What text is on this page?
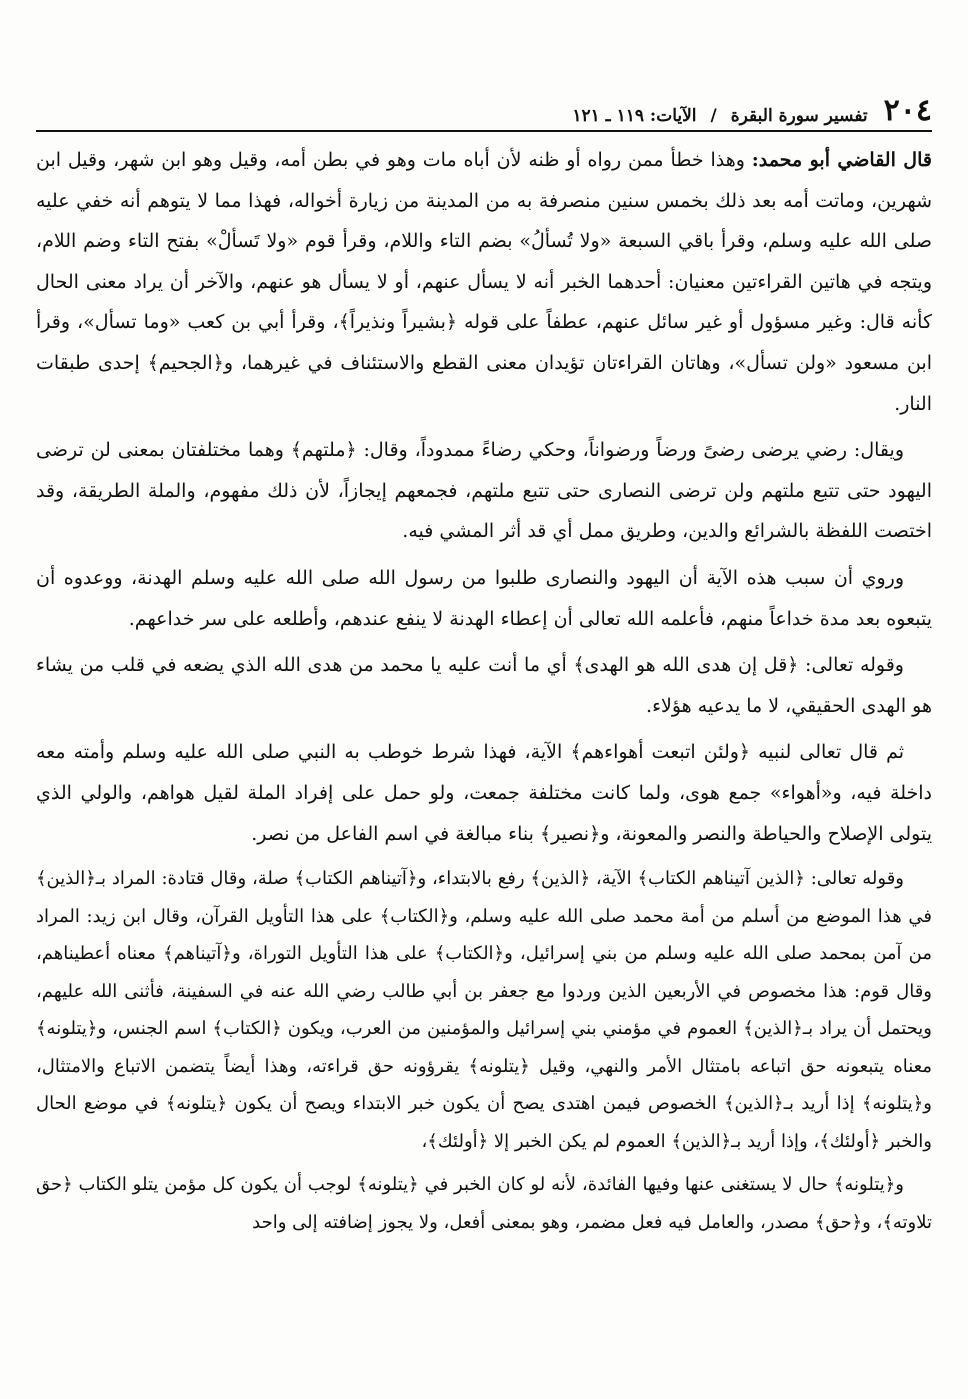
٢٠٤
تفسير سورة البقرة
/
الآيات: ١١٩ ـ ١٢١

قال القاضي أبو محمد: وهذا خطأ ممن رواه أو ظنه لأن أباه مات وهو في بطن أمه، وقيل وهو ابن شهر، وقيل ابن شهرين، وماتت أمه بعد ذلك بخمس سنين منصرفة به من المدينة من زيارة أخواله، فهذا مما لا يتوهم أنه خفي عليه صلى الله عليه وسلم، وقرأ باقي السبعة «ولا تُسألُ» بضم التاء واللام، وقرأ قوم «ولا تَسألْ» بفتح التاء وضم اللام، ويتجه في هاتين القراءتين معنيان: أحدهما الخبر أنه لا يسأل عنهم، أو لا يسأل هو عنهم، والآخر أن يراد معنى الحال كأنه قال: وغير مسؤول أو غير سائل عنهم، عطفاً على قوله ﴿بشيراً ونذيراً﴾، وقرأ أبي بن كعب «وما تسأل»، وقرأ ابن مسعود «ولن تسأل»، وهاتان القراءتان تؤيدان معنى القطع والاستئناف في غيرهما، و﴿الجحيم﴾ إحدى طبقات النار.

ويقال: رضي يرضى رضىً ورضاً ورضواناً، وحكي رضاءً ممدوداً، وقال: ﴿ملتهم﴾ وهما مختلفتان بمعنى لن ترضى اليهود حتى تتبع ملتهم ولن ترضى النصارى حتى تتبع ملتهم، فجمعهم إيجازاً، لأن ذلك مفهوم، والملة الطريقة، وقد اختصت اللفظة بالشرائع والدين، وطريق ممل أي قد أثر المشي فيه.

وروي أن سبب هذه الآية أن اليهود والنصارى طلبوا من رسول الله صلى الله عليه وسلم الهدنة، ووعدوه أن يتبعوه بعد مدة خداعاً منهم، فأعلمه الله تعالى أن إعطاء الهدنة لا ينفع عندهم، وأطلعه على سر خداعهم.

وقوله تعالى: ﴿قل إن هدى الله هو الهدى﴾ أي ما أنت عليه يا محمد من هدى الله الذي يضعه في قلب من يشاء هو الهدى الحقيقي، لا ما يدعيه هؤلاء.

ثم قال تعالى لنبيه ﴿ولئن اتبعت أهواءهم﴾ الآية، فهذا شرط خوطب به النبي صلى الله عليه وسلم وأمته معه داخلة فيه، و«أهواء» جمع هوى، ولما كانت مختلفة جمعت، ولو حمل على إفراد الملة لقيل هواهم، والولي الذي يتولى الإصلاح والحياطة والنصر والمعونة، و﴿نصير﴾ بناء مبالغة في اسم الفاعل من نصر.

وقوله تعالى: ﴿الذين آتيناهم الكتاب﴾ الآية، ﴿الذين﴾ رفع بالابتداء، و﴿آتيناهم الكتاب﴾ صلة، وقال قتادة: المراد بـ﴿الذين﴾ في هذا الموضع من أسلم من أمة محمد صلى الله عليه وسلم، و﴿الكتاب﴾ على هذا التأويل القرآن، وقال ابن زيد: المراد من آمن بمحمد صلى الله عليه وسلم من بني إسرائيل، و﴿الكتاب﴾ على هذا التأويل التوراة، و﴿آتيناهم﴾ معناه أعطيناهم، وقال قوم: هذا مخصوص في الأربعين الذين وردوا مع جعفر بن أبي طالب رضي الله عنه في السفينة، فأثنى الله عليهم، ويحتمل أن يراد بـ﴿الذين﴾ العموم في مؤمني بني إسرائيل والمؤمنين من العرب، ويكون ﴿الكتاب﴾ اسم الجنس، و﴿يتلونه﴾ معناه يتبعونه حق اتباعه بامتثال الأمر والنهي، وقيل ﴿يتلونه﴾ يقرؤونه حق قراءته، وهذا أيضاً يتضمن الاتباع والامتثال، و﴿يتلونه﴾ إذا أريد بـ﴿الذين﴾ الخصوص فيمن اهتدى يصح أن يكون خبر الابتداء ويصح أن يكون ﴿يتلونه﴾ في موضع الحال والخبر ﴿أولئك﴾، وإذا أريد بـ﴿الذين﴾ العموم لم يكن الخبر إلا ﴿أولئك﴾،

و﴿يتلونه﴾ حال لا يستغنى عنها وفيها الفائدة، لأنه لو كان الخبر في ﴿يتلونه﴾ لوجب أن يكون كل مؤمن يتلو الكتاب ﴿حق تلاوته﴾، و﴿حق﴾ مصدر، والعامل فيه فعل مضمر، وهو بمعنى أفعل، ولا يجوز إضافته إلى واحد
